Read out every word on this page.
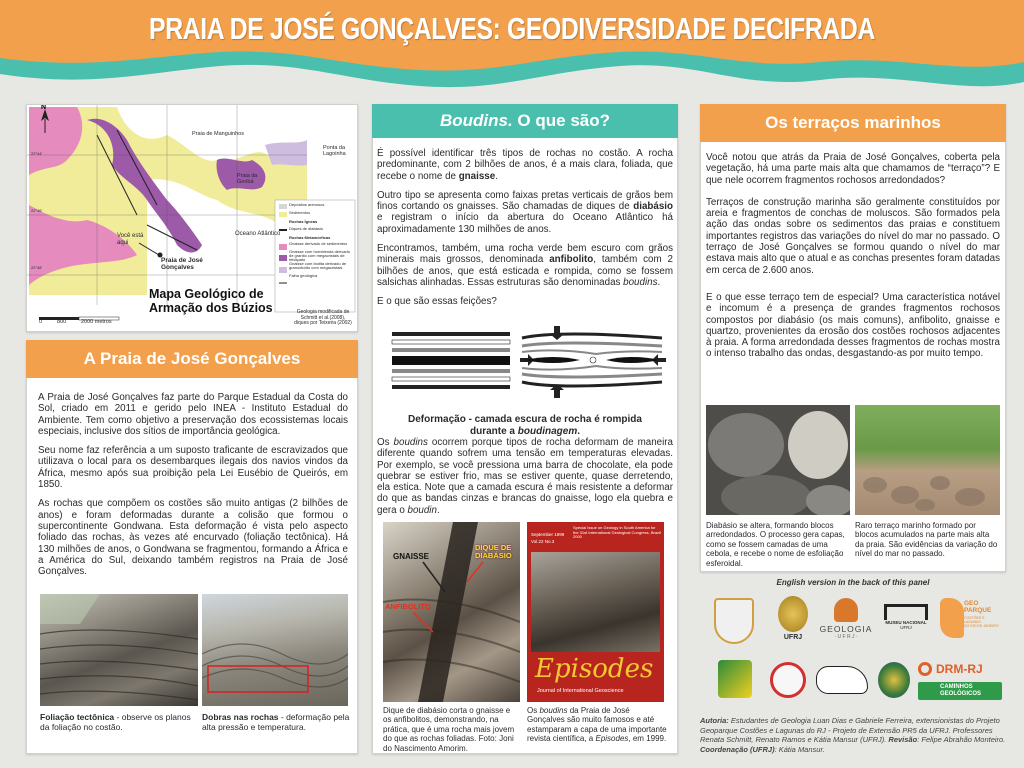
PRAIA DE JOSÉ GONÇALVES: GEODIVERSIDADE DECIFRADA
N
Praia de Manguinhos
Ponta da
Lagoinha
Praia da
Geribá
Oceano Atlântico
Você está
aqui
Praia de José
Gonçalves
Depósitos arenosos
Sedimentos
Rochas Ígneas
Diques de diabásio
Rochas Metamórficas
Gnaisse derivado de sedimentos
Gnaisse com hornblenda derivado de granito com megacristais de feldspato
Gnaisse com biotita derivado de granodiorito com megacristais
Falha geológica
22°44'
22°46'
22°48'
Mapa Geológico de
Armação dos Búzios
0	800	2000 metros
Geologia modificada de
Schmitt et al.(2008),
diques por Teixeira (2002)
A Praia de José Gonçalves

A Praia de José Gonçalves faz parte do Parque Estadual da Costa do Sol, criado em 2011 e gerido pelo INEA - Instituto Estadual do Ambiente. Tem como objetivo a preservação dos ecossistemas locais especiais, inclusive dos sítios de importância geológica.

Seu nome faz referência a um suposto traficante de escravizados que utilizava o local para os desembarques ilegais dos navios vindos da África, mesmo após sua proibição pela Lei Eusébio de Queirós, em 1850.

As rochas que compõem os costões são muito antigas (2 bilhões de anos) e foram deformadas durante a colisão que formou o supercontinente Gondwana. Esta deformação é vista pelo aspecto foliado das rochas, às vezes até encurvado (foliação tectônica). Há 130 milhões de anos, o Gondwana se fragmentou, formando a África e a América do Sul, deixando também registros na Praia de José Gonçalves.

Foliação tectônica - observe os planos da foliação no costão.
Dobras nas rochas - deformação pela alta pressão e temperatura.
Boudins. O que são?

É possível identificar três tipos de rochas no costão. A rocha predominante, com 2 bilhões de anos, é a mais clara, foliada, que recebe o nome de gnaisse.

Outro tipo se apresenta como faixas pretas verticais de grãos bem finos cortando os gnaisses. São chamadas de diques de diabásio e registram o início da abertura do Oceano Atlântico há aproximadamente 130 milhões de anos.

Encontramos, também, uma rocha verde bem escuro com grãos minerais mais grossos, denominada anfibolito, também com 2 bilhões de anos, que está esticada e rompida, como se fossem salsichas alinhadas. Essas estruturas são denominadas boudins.

E o que são essas feições?

Deformação - camada escura de rocha é rompida
durante a boudinagem.
Os boudins ocorrem porque tipos de rocha deformam de maneira diferente quando sofrem uma tensão em temperaturas elevadas. Por exemplo, se você pressiona uma barra de chocolate, ela pode quebrar se estiver frio, mas se estiver quente, quase derretendo, ela estica. Note que a camada escura é mais resistente a deformar do que as bandas cinzas e brancas do gnaisse, logo ela quebra e gera o boudin.
GNAISSE
DIQUE DE
DIABÁSIO
ANFIBOLITO
Special Issue on Geology in South America for the 31st International Geological Congress, Brazil 2000
September 1999
Vol.22 No.3
Episodes
Journal of International Geoscience
Dique de diabásio corta o gnaisse e os anfibolitos, demonstrando, na prática, que é uma rocha mais jovem do que as rochas foliadas. Foto: Joni do Nascimento Amorim.
Os boudins da Praia de José Gonçalves são muito famosos e até estamparam a capa de uma importante revista científica, a Episodes, em 1999.
Os terraços marinhos

Você notou que atrás da Praia de José Gonçalves, coberta pela vegetação, há uma parte mais alta que chamamos de “terraço”? E que nele ocorrem fragmentos rochosos arredondados?

Terraços de construção marinha são geralmente constituídos por areia e fragmentos de conchas de moluscos. São formados pela ação das ondas sobre os sedimentos das praias e constituem importantes registros das variações do nível do mar no passado. O terraço de José Gonçalves se formou quando o nível do mar estava mais alto que o atual e as conchas presentes foram datadas em cerca de 2.600 anos.

E o que esse terraço tem de especial? Uma característica notável e incomum é a presença de grandes fragmentos rochosos compostos por diabásio (os mais comuns), anfibolito, gnaisse e quartzo, provenientes da erosão dos costões rochosos adjacentes à praia. A forma arredondada desses fragmentos de rochas mostra o intenso trabalho das ondas, desgastando-as por muito tempo.

Diabásio se altera, formando blocos arredondados. O processo gera capas, como se fossem camadas de uma cebola, e recebe o nome de esfoliação esferoidal.
Raro terraço marinho formado por blocos acumulados na parte mais alta da praia. São evidências da variação do nível do mar no passado.
English version in the back of this panel
UFRJ
GEOLOGIA
· U F R J ·
MUSEU NACIONAL
UFRJ
GEO
PARQUE
COSTÕES E LAGUNAS
DO RIO DE JANEIRO
DRM-RJ
CAMINHOS
GEOLÓGICOS
Autoria: Estudantes de Geologia Luan Dias e Gabriele Ferreira, extensionistas do Projeto Geoparque Costões e Lagunas do RJ - Projeto de Extensão PR5 da UFRJ. Professores Renata Schmitt, Renato Ramos e Kátia Mansur (UFRJ). Revisão: Felipe Abrahão Monteiro. Coordenação (UFRJ): Kátia Mansur.
